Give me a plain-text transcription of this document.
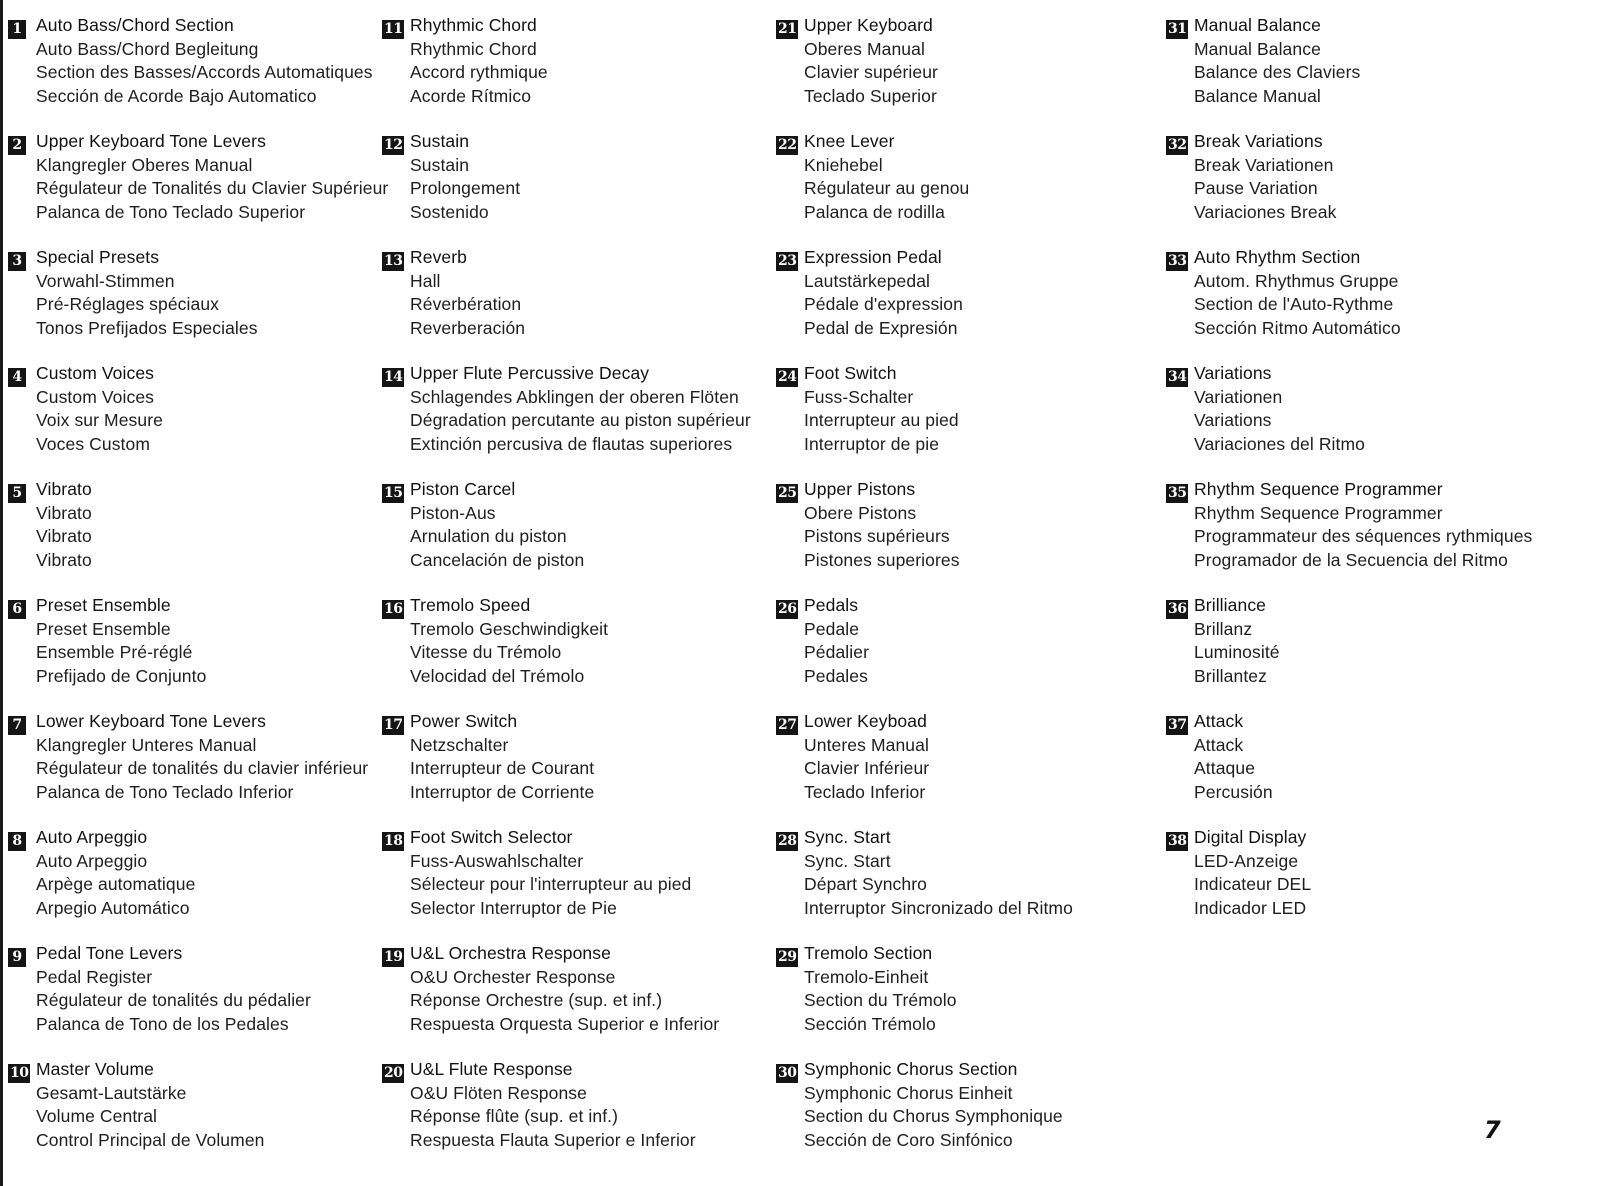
1 Auto Bass/Chord Section
Auto Bass/Chord Begleitung
Section des Basses/Accords Automatiques
Sección de Acorde Bajo Automatico
2 Upper Keyboard Tone Levers
Klangregler Oberes Manual
Régulateur de Tonalités du Clavier Supérieur
Palanca de Tono Teclado Superior
3 Special Presets
Vorwahl-Stimmen
Pré-Réglages spéciaux
Tonos Prefijados Especiales
4 Custom Voices
Custom Voices
Voix sur Mesure
Voces Custom
5 Vibrato
Vibrato
Vibrato
Vibrato
6 Preset Ensemble
Preset Ensemble
Ensemble Pré-réglé
Prefijado de Conjunto
7 Lower Keyboard Tone Levers
Klangregler Unteres Manual
Régulateur de tonalités du clavier inférieur
Palanca de Tono Teclado Inferior
8 Auto Arpeggio
Auto Arpeggio
Arpège automatique
Arpegio Automático
9 Pedal Tone Levers
Pedal Register
Régulateur de tonalités du pédalier
Palanca de Tono de los Pedales
10 Master Volume
Gesamt-Lautstärke
Volume Central
Control Principal de Volumen
11 Rhythmic Chord
Rhythmic Chord
Accord rythmique
Acorde Rítmico
12 Sustain
Sustain
Prolongement
Sostenido
13 Reverb
Hall
Réverbération
Reverberación
14 Upper Flute Percussive Decay
Schlagendes Abklingen der oberen Flöten
Dégradation percutante au piston supérieur
Extinción percusiva de flautas superiores
15 Piston Carcel
Piston-Aus
Arnulation du piston
Cancelación de piston
16 Tremolo Speed
Tremolo Geschwindigkeit
Vitesse du Trémolo
Velocidad del Trémolo
17 Power Switch
Netzschalter
Interrupteur de Courant
Interruptor de Corriente
18 Foot Switch Selector
Fuss-Auswahlschalter
Sélecteur pour l'interrupteur au pied
Selector Interruptor de Pie
19 U&L Orchestra Response
O&U Orchester Response
Réponse Orchestre (sup. et inf.)
Respuesta Orquesta Superior e Inferior
20 U&L Flute Response
O&U Flöten Response
Réponse flûte (sup. et inf.)
Respuesta Flauta Superior e Inferior
21 Upper Keyboard
Oberes Manual
Clavier supérieur
Teclado Superior
22 Knee Lever
Kniehebel
Régulateur au genou
Palanca de rodilla
23 Expression Pedal
Lautstärkepedal
Pédale d'expression
Pedal de Expresión
24 Foot Switch
Fuss-Schalter
Interrupteur au pied
Interruptor de pie
25 Upper Pistons
Obere Pistons
Pistons supérieurs
Pistones superiores
26 Pedals
Pedale
Pédalier
Pedales
27 Lower Keyboad
Unteres Manual
Clavier Inférieur
Teclado Inferior
28 Sync. Start
Sync. Start
Départ Synchro
Interruptor Sincronizado del Ritmo
29 Tremolo Section
Tremolo-Einheit
Section du Trémolo
Sección Trémolo
30 Symphonic Chorus Section
Symphonic Chorus Einheit
Section du Chorus Symphonique
Sección de Coro Sinfónico
31 Manual Balance
Manual Balance
Balance des Claviers
Balance Manual
32 Break Variations
Break Variationen
Pause Variation
Variaciones Break
33 Auto Rhythm Section
Autom. Rhythmus Gruppe
Section de l'Auto-Rythme
Sección Ritmo Automático
34 Variations
Variationen
Variations
Variaciones del Ritmo
35 Rhythm Sequence Programmer
Rhythm Sequence Programmer
Programmateur des séquences rythmiques
Programador de la Secuencia del Ritmo
36 Brilliance
Brillanz
Luminosité
Brillantez
37 Attack
Attack
Attaque
Percusión
38 Digital Display
LED-Anzeige
Indicateur DEL
Indicador LED
7
